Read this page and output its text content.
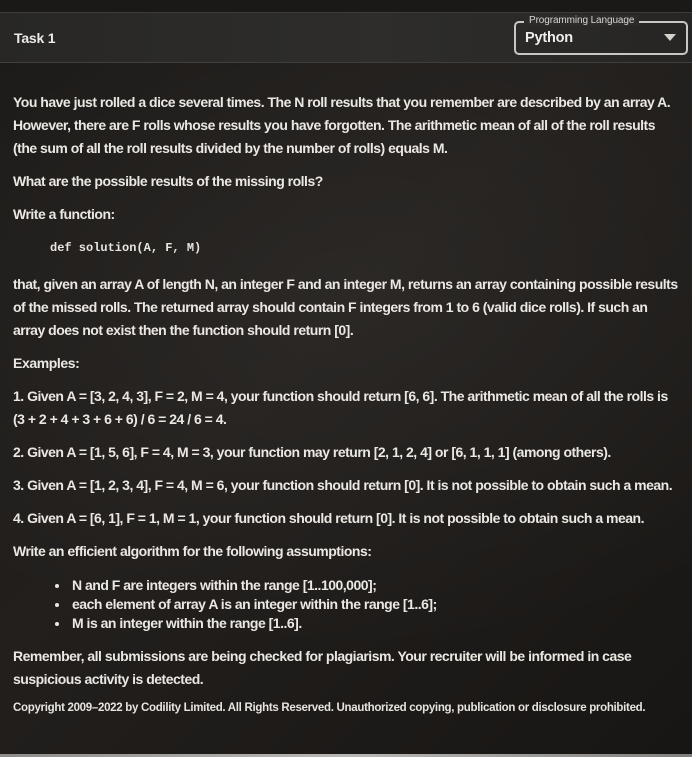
Task 1
Programming Language
Python

You have just rolled a dice several times. The N roll results that you remember are described by an array A. However, there are F rolls whose results you have forgotten. The arithmetic mean of all of the roll results (the sum of all the roll results divided by the number of rolls) equals M.

What are the possible results of the missing rolls?

Write a function:

def solution(A, F, M)

that, given an array A of length N, an integer F and an integer M, returns an array containing possible results of the missed rolls. The returned array should contain F integers from 1 to 6 (valid dice rolls). If such an array does not exist then the function should return [0].

Examples:

1. Given A = [3, 2, 4, 3], F = 2, M = 4, your function should return [6, 6]. The arithmetic mean of all the rolls is (3 + 2 + 4 + 3 + 6 + 6) / 6 = 24 / 6 = 4.

2. Given A = [1, 5, 6], F = 4, M = 3, your function may return [2, 1, 2, 4] or [6, 1, 1, 1] (among others).

3. Given A = [1, 2, 3, 4], F = 4, M = 6, your function should return [0]. It is not possible to obtain such a mean.

4. Given A = [6, 1], F = 1, M = 1, your function should return [0]. It is not possible to obtain such a mean.

Write an efficient algorithm for the following assumptions:

• N and F are integers within the range [1..100,000];
• each element of array A is an integer within the range [1..6];
• M is an integer within the range [1..6].

Remember, all submissions are being checked for plagiarism. Your recruiter will be informed in case suspicious activity is detected.

Copyright 2009–2022 by Codility Limited. All Rights Reserved. Unauthorized copying, publication or disclosure prohibited.
